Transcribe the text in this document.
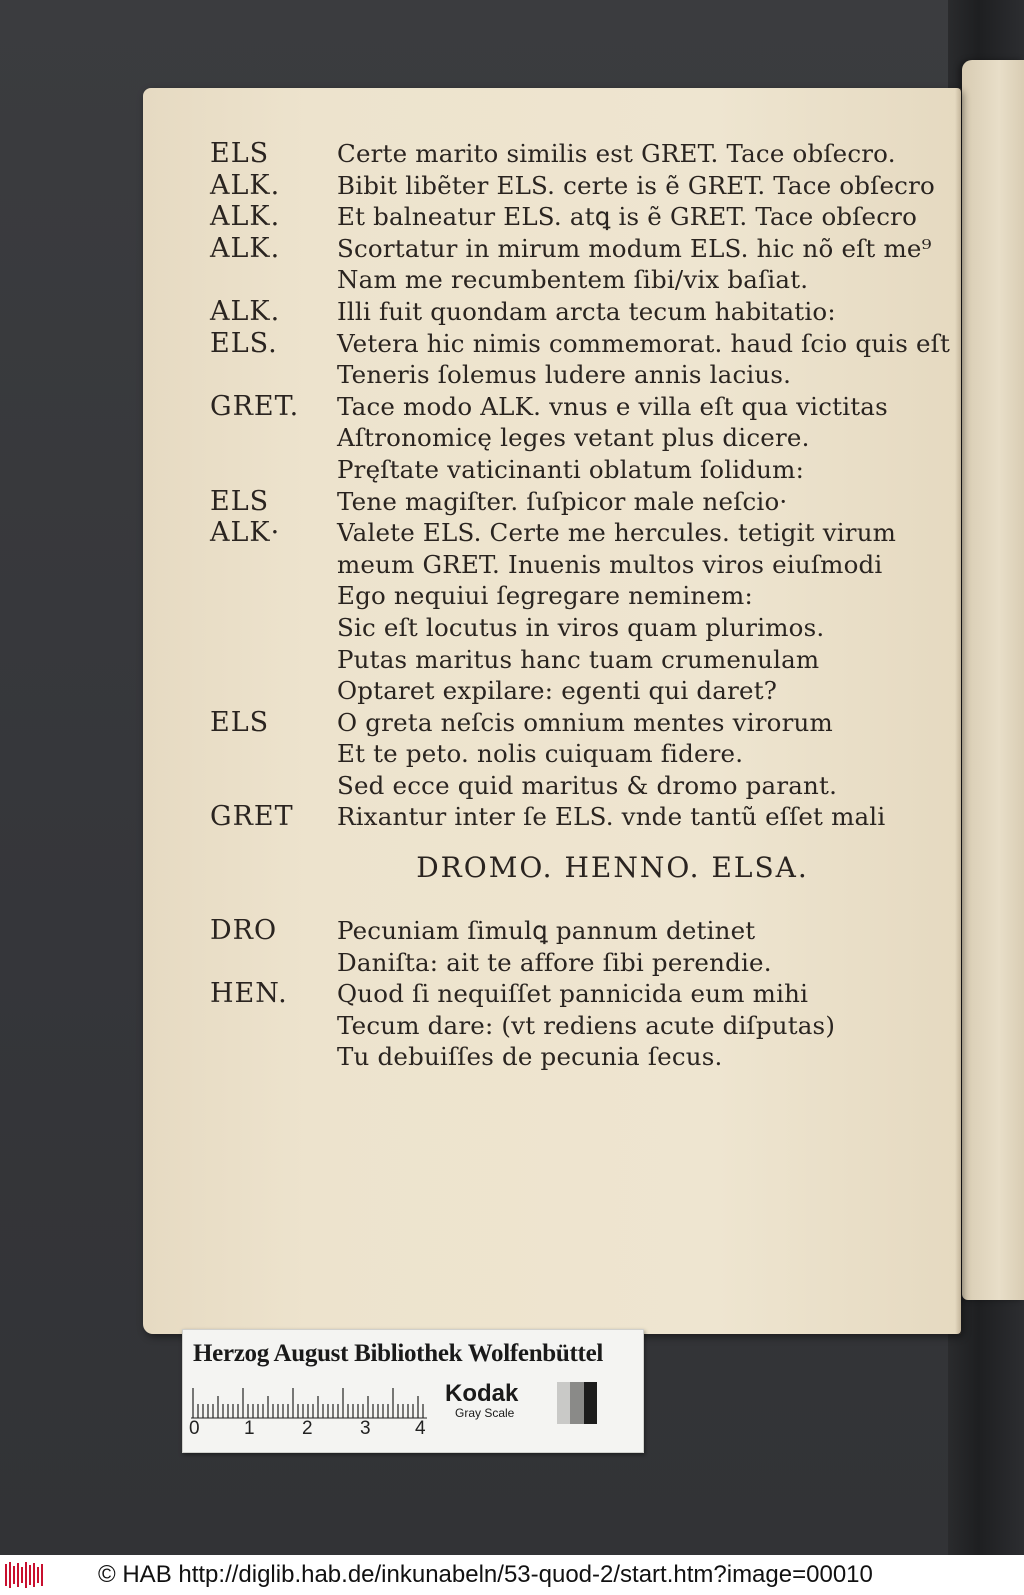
ELS	Certe marito similis est GRET. Tace obſecro.
ALK. Bibit libẽter ELS. certe is ẽ GRET. Tace obſecro
ALK. Et balneatur ELS. atꝗ is ẽ GRET. Tace obſecro
ALK. Scortatur in mirum modum ELS. hic nõ eſt me⁹
Nam me recumbentem ſibi/vix baſiat.
ALK. Illi fuit quondam arcta tecum habitatio:
ELS. Vetera hic nimis commemorat. haud ſcio quis eſt
Teneris ſolemus ludere annis lacius.
GRET. Tace modo ALK. vnus e villa eſt qua victitas
Aſtronomicę leges vetant plus dicere.
Pręſtate vaticinanti oblatum ſolidum:
ELS	Tene magiſter. ſuſpicor male neſcio·
ALK· Valete ELS. Certe me hercules. tetigit virum
meum GRET. Inuenis multos viros eiuſmodi
Ego nequiui ſegregare neminem:
Sic eſt locutus in viros quam plurimos.
Putas maritus hanc tuam crumenulam
Optaret expilare: egenti qui daret?
ELS	O greta neſcis omnium mentes virorum
Et te peto. nolis cuiquam fidere.
Sed ecce quid maritus & dromo parant.
GRET Rixantur inter ſe ELS. vnde tantũ eſſet mali
DROMO. HENNO. ELSA.
DRO Pecuniam ſimulꝗ pannum detinet
Daniſta: ait te affore ſibi perendie.
HEN. Quod ſi nequiſſet pannicida eum mihi
Tecum dare: (vt rediens acute diſputas)
Tu debuiſſes de pecunia ſecus.
Herzog August Bibliothek Wolfenbüttel
0 1 2 3 4
Kodak
Gray Scale
© HAB http://diglib.hab.de/inkunabeln/53-quod-2/start.htm?image=00010
